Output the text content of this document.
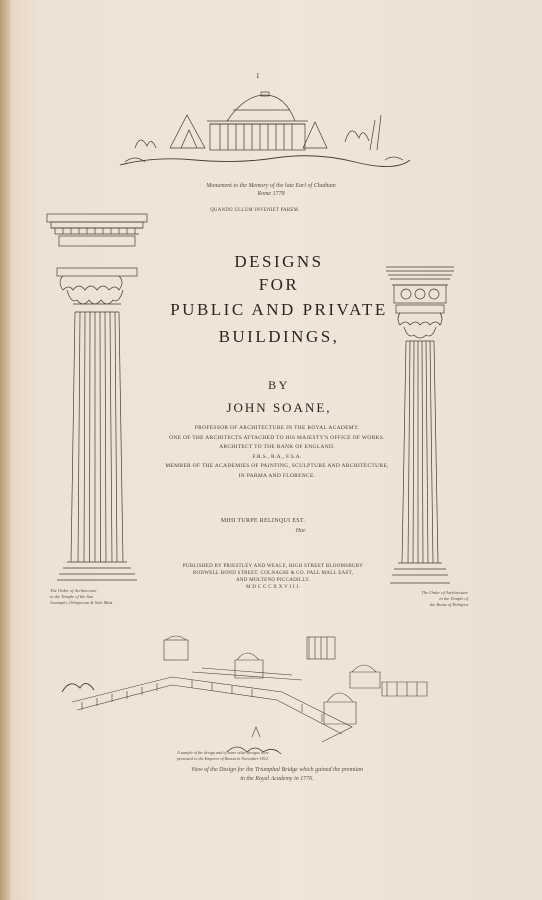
1
Monument to the Memory of the late Earl of Chatham
Rome 1778

QUANDO ULLUM INVENIET PAREM.

DESIGNS
FOR
PUBLIC AND PRIVATE
BUILDINGS,
BY
JOHN SOANE,
PROFESSOR OF ARCHITECTURE IN THE ROYAL ACADEMY.
ONE OF THE ARCHITECTS ATTACHED TO HIS MAJESTY'S OFFICE OF WORKS.
ARCHITECT TO THE BANK OF ENGLAND.
F.R.S., R.A., F.S.A.
MEMBER OF THE ACADEMIES OF PAINTING, SCULPTURE AND ARCHITECTURE,
IN PARMA AND FLORENCE.
MIHI TURPE RELINQUI EST.
Hor.
PUBLISHED BY PRIESTLEY AND WEALE, HIGH STREET BLOOMSBURY
RODWELL BOND STREET, COLNAGHI & CO. PALL MALL EAST,
AND MOLTENO PICCADILLY.
M D C C C X X V I I I.
The Order of Architecture
in the Temple of the Sun
Guamplo, Olimpicum & Sole Matt.
The Order of Architecture
in the Temple of
the Ruins of Palmyra
A sample of the design and of some other designs were
presented to the Emperor of Russia in November 1812.
View of the Design for the Triumphal Bridge which gained the premium
in the Royal Academy in 1776.
